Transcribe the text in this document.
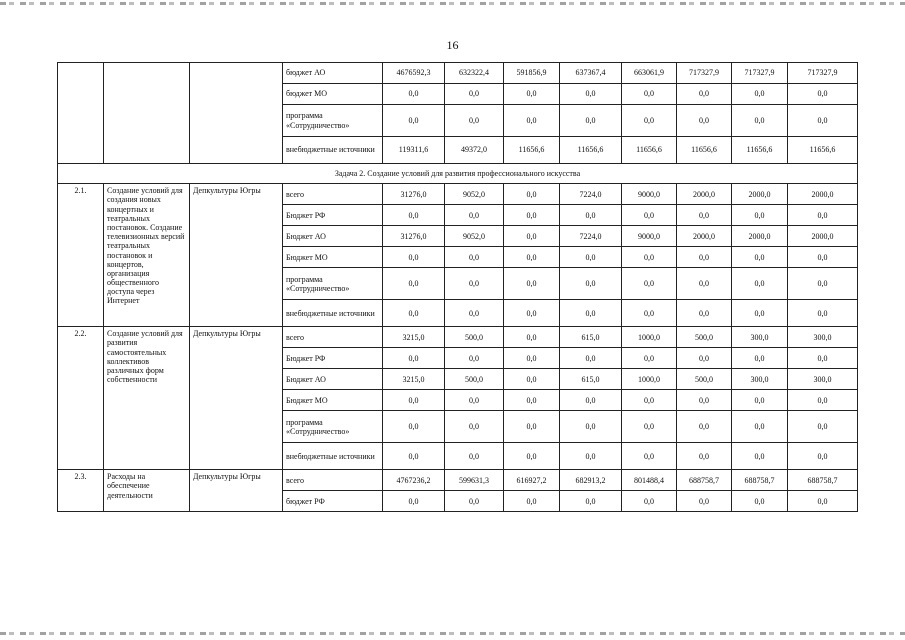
16
			бюджет АО	4676592,3	632322,4	591856,9	637367,4	663061,9	717327,9	717327,9	717327,9
			бюджет МО	0,0	0,0	0,0	0,0	0,0	0,0	0,0	0,0
			программа «Сотрудничество»	0,0	0,0	0,0	0,0	0,0	0,0	0,0	0,0
			внебюджетные источники	119311,6	49372,0	11656,6	11656,6	11656,6	11656,6	11656,6	11656,6
Задача 2. Создание условий для развития профессионального искусства											
2.1.	Создание условий для создания новых концертных и театральных постановок. Создание телевизионных версий театральных постановок и концертов, организация общественного доступа через Интернет	Депкультуры Югры	всего	31276,0	9052,0	0,0	7224,0	9000,0	2000,0	2000,0	2000,0
			Бюджет РФ	0,0	0,0	0,0	0,0	0,0	0,0	0,0	0,0
			Бюджет АО	31276,0	9052,0	0,0	7224,0	9000,0	2000,0	2000,0	2000,0
			Бюджет МО	0,0	0,0	0,0	0,0	0,0	0,0	0,0	0,0
			программа «Сотрудничество»	0,0	0,0	0,0	0,0	0,0	0,0	0,0	0,0
			внебюджетные источники	0,0	0,0	0,0	0,0	0,0	0,0	0,0	0,0
2.2.	Создание условий для развития самостоятельных коллективов различных форм собственности	Депкультуры Югры	всего	3215,0	500,0	0,0	615,0	1000,0	500,0	300,0	300,0
			Бюджет РФ	0,0	0,0	0,0	0,0	0,0	0,0	0,0	0,0
			Бюджет АО	3215,0	500,0	0,0	615,0	1000,0	500,0	300,0	300,0
			Бюджет МО	0,0	0,0	0,0	0,0	0,0	0,0	0,0	0,0
			программа «Сотрудничество»	0,0	0,0	0,0	0,0	0,0	0,0	0,0	0,0
			внебюджетные источники	0,0	0,0	0,0	0,0	0,0	0,0	0,0	0,0
2.3.	Расходы на обеспечение деятельности	Депкультуры Югры	всего	4767236,2	599631,3	616927,2	682913,2	801488,4	688758,7	688758,7	688758,7
			бюджет РФ	0,0	0,0	0,0	0,0	0,0	0,0	0,0	0,0
